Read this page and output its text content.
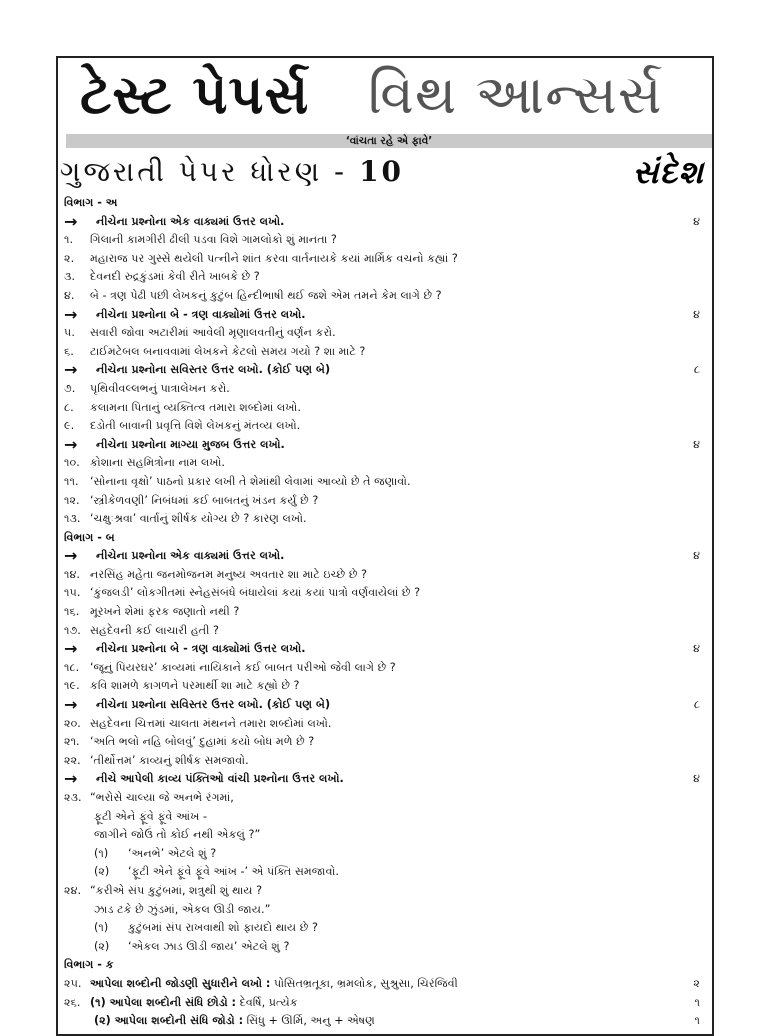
ટેસ્ટ પેપર્સ વિથ આન્સર્સ
‘વાંચતા રહે એ ફાવે’
ગુજરાતી પેપર ધોરણ - 10	સંદેશ
વિભાગ - અ
→	નીચેના પ્રશ્નોના એક વાક્યમાં ઉત્તર લખો.	૪
૧.	ગિલાની કામગીરી ઢીલી પડવા વિશે ગામલોકો શું માનતા ?
૨.	મહારાજ પર ગુસ્સે થયેલી પત્નીને શાંત કરવા વાર્તનાયકે કયાં માર્મિક વચનો કહ્યાં ?
૩.	દેવનદી રુદ્રકુંડમાં કેવી રીતે ખાબકે છે ?
૪.	બે - ત્રણ પેઢી પછી લેખકનું કુટુંબ હિન્દીભાષી થઈ જશે એમ તમને કેમ લાગે છે ?
→	નીચેના પ્રશ્નોના બે - ત્રણ વાક્યોમાં ઉત્તર લખો.	૪
૫.	સવારી જોવા અટારીમાં આવેલી મૃણાલવતીનું વર્ણન કરો.
૬.	ટાઈમટેબલ બનાવવામાં લેખકને કેટલો સમય ગયો ? શા માટે ?
→	નીચેના પ્રશ્નોના સવિસ્તર ઉત્તર લખો. (કોઈ પણ બે)	૮
૭.	પૃથિવીવલ્લભનું પાત્રાલેખન કરો.
૮.	કલામના પિતાનું વ્યક્તિત્વ તમારા શબ્દોમાં લખો.
૯.	દડોતી બાવાની પ્રવૃત્તિ વિશે લેખકનું મંતવ્ય લખો.
→	નીચેના પ્રશ્નોના માગ્યા મુજબ ઉત્તર લખો.	૪
૧૦. કોશાના સહમિત્રોના નામ લખો.
૧૧.	‘સોનાના વૃક્ષો’ પાઠનો પ્રકાર લખી તે શેમાંથી લેવામાં આવ્યો છે તે જણાવો.
૧૨. ‘સ્ત્રીકેળવણી’ નિબંધમાં કઈ બાબતનું ખંડન કર્યું છે ?
૧૩. ‘ચક્ષુઃશ્રવા’ વાર્તાનું શીર્ષક યોગ્ય છે ? કારણ લખો.
વિભાગ - બ
→	નીચેના પ્રશ્નોના એક વાક્યમાં ઉત્તર લખો.	૪
૧૪. નરસિંહ મહેતા જનમોજનમ મનુષ્ય અવતાર શા માટે ઇચ્છે છે ?
૧૫. ‘કુંજલડી’ લોકગીતમાં સ્નેહસંબંધે બંધાયેલાં કયાં કયાં પાત્રો વર્ણવાયેલાં છે ?
૧૬. મૂરખને શેમાં ફરક જણાતો નથી ?
૧૭. સહદેવની કઈ લાચારી હતી ?
→	નીચેના પ્રશ્નોના બે - ત્રણ વાક્યોમાં ઉત્તર લખો.	૪
૧૮. ‘જૂનું પિયરઘર’ કાવ્યમાં નાયિકાને કઈ બાબત પરીઓ જેવી લાગે છે ?
૧૯. કવિ શામળે કાગળને પરમાર્થી શા માટે કહ્યો છે ?
→	નીચેના પ્રશ્નોના સવિસ્તર ઉત્તર લખો. (કોઈ પણ બે)	૮
૨૦. સહદેવના ચિત્તમાં ચાલતા મંથનને તમારા શબ્દોમાં લખો.
૨૧. ‘અતિ ભલો નહિ બોલવું’ દુહામાં કયો બોધ મળે છે ?
૨૨. ‘તીર્થોત્તમ’ કાવ્યનું શીર્ષક સમજાવો.
→	નીચે આપેલી કાવ્ય પંક્તિઓ વાંચી પ્રશ્નોના ઉત્તર લખો.	૪
૨૩. “ભરોસે ચાલ્યા જે અનભે રંગમાં,
ફૂટી એને ફૂંવે ફૂંવે આંખ -
જાગીને જોઉં તો કોઈ નથી એકલું ?”
(૧)	‘અનભે’ એટલે શું ?
(૨)	‘ફૂટી એને ફૂંવે ફૂંવે આંખ -’ એ પંક્તિ સમજાવો.
૨૪. “કરીએ સંપ કુટુંબમાં, શત્રુથી શું થાય ?
ઝાડ ટકે છે ઝુંડમાં, એકલ ઊડી જાય.”
(૧)	કુટુંબમાં સંપ રાખવાથી શો ફાયદો થાય છે ?
(૨)	‘એકલ ઝાડ ઊડી જાય’ એટલે શું ?
વિભાગ - ક
૨૫. આપેલા શબ્દોની જોડણી સુધારીને લખો : પોસિતભ્રતૂકા, ભ્રમલોક, સુશ્રુસા, ચિરંજિવી	૨
૨૬. (૧) આપેલા શબ્દોની સંધિ છોડો : દેવર્ષિ, પ્રત્યેક	૧
(૨) આપેલા શબ્દોની સંધિ જોડો : સિંધુ + ઊર્મિ, અનુ + એષણ	૧
